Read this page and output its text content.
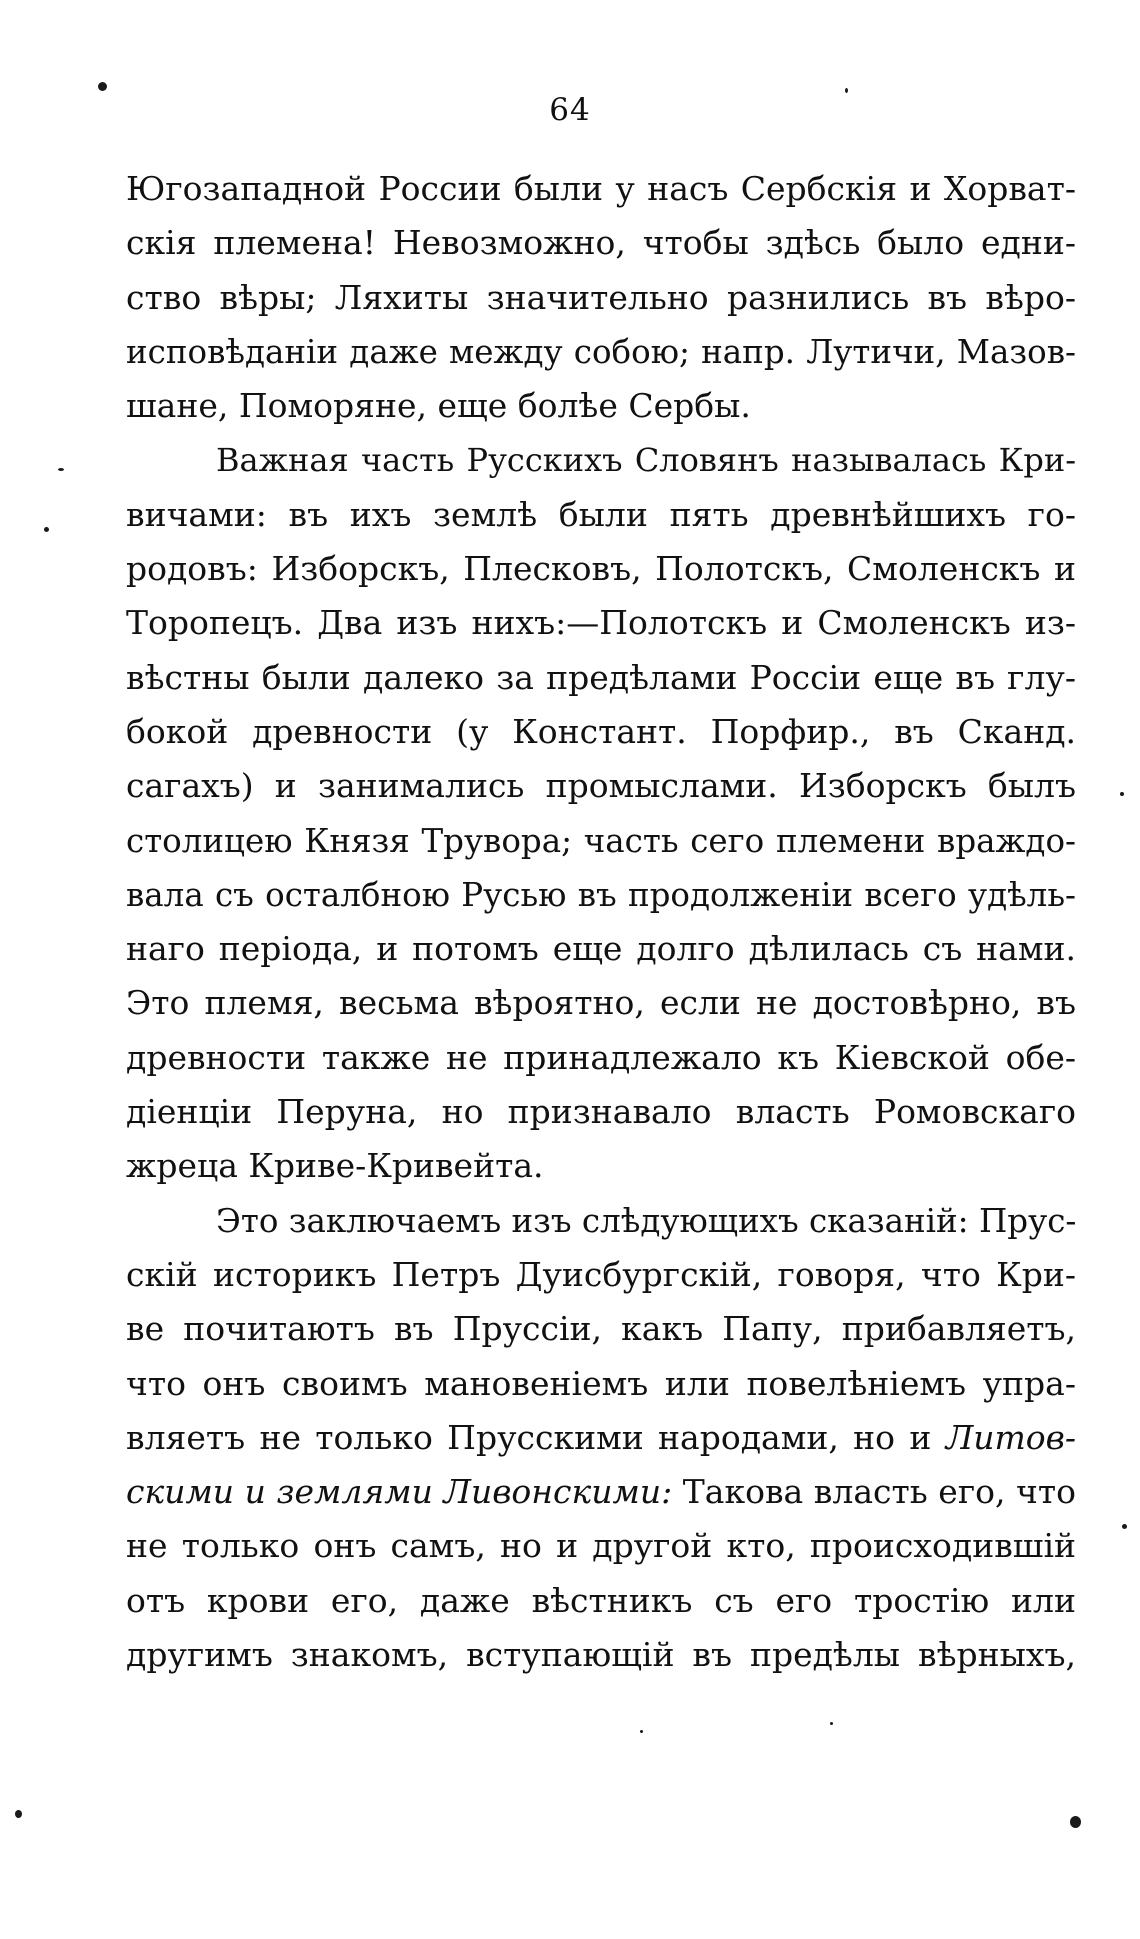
64
Югозападной России были у насъ Сербскія и Хорват-
скія племена! Невозможно, чтобы здѣсь было едни-
ство вѣры; Ляхиты значительно разнились въ вѣро-
исповѣданіи даже между собою; напр. Лутичи, Мазов-
шане, Поморяне, еще болѣе Сербы.
Важная часть Русскихъ Словянъ называлась Кри-
вичами: въ ихъ землѣ были пять древнѣйшихъ го-
родовъ: Изборскъ, Плесковъ, Полотскъ, Смоленскъ и
Торопецъ. Два изъ нихъ:—Полотскъ и Смоленскъ из-
вѣстны были далеко за предѣлами Россіи еще въ глу-
бокой древности (у Констант. Порфир., въ Сканд.
сагахъ) и занимались промыслами. Изборскъ былъ
столицею Князя Трувора; часть сего племени враждо-
вала съ осталбною Русью въ продолженіи всего удѣль-
наго періода, и потомъ еще долго дѣлилась съ нами.
Это племя, весьма вѣроятно, если не достовѣрно, въ
древности также не принадлежало къ Кіевской обе-
діенціи Перуна, но признавало власть Ромовскаго
жреца Криве-Кривейта.
Это заключаемъ изъ слѣдующихъ сказаній: Прус-
скій историкъ Петръ Дуисбургскій, говоря, что Кри-
ве почитаютъ въ Пруссіи, какъ Папу, прибавляетъ,
что онъ своимъ мановеніемъ или повелѣніемъ упра-
вляетъ не только Прусскими народами, но и Литов-
скими и землями Ливонскими: Такова власть его, что
не только онъ самъ, но и другой кто, происходившій
отъ крови его, даже вѣстникъ съ его тростію или
другимъ знакомъ, вступающій въ предѣлы вѣрныхъ,
